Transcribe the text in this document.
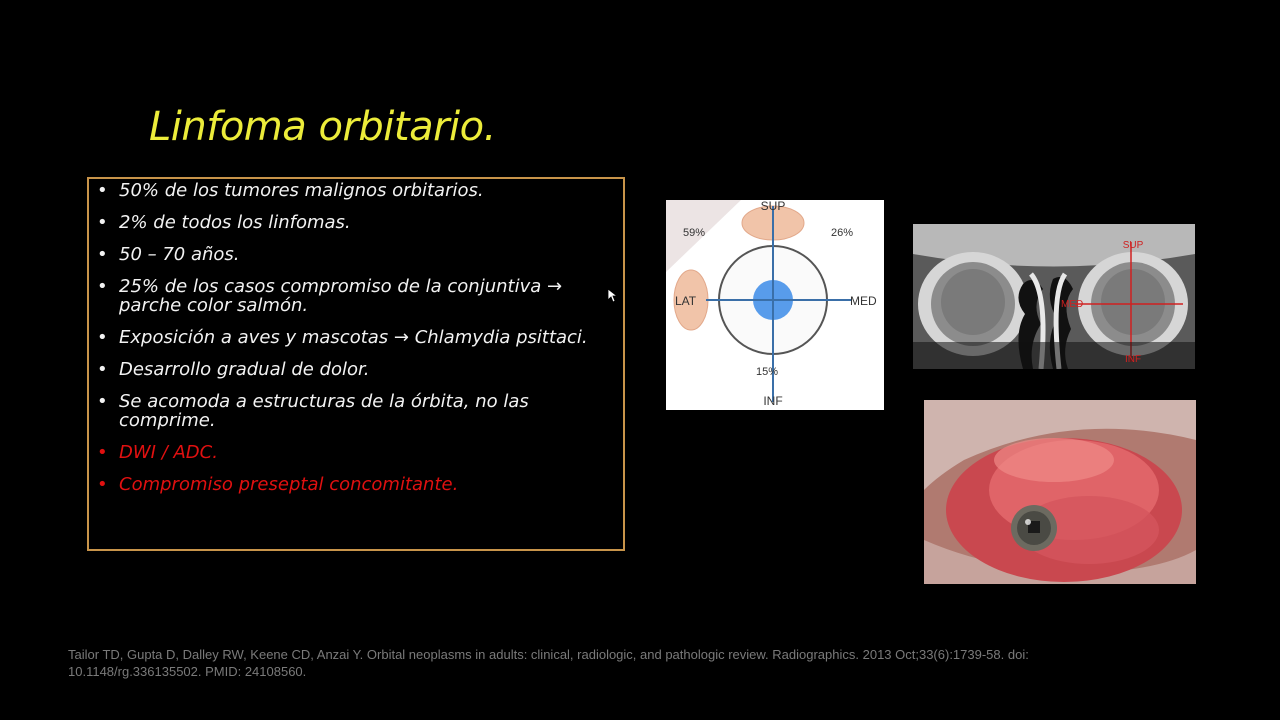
Linfoma orbitario.
• 50% de los tumores malignos orbitarios.
• 2% de todos los linfomas.
• 50 – 70 años.
• 25% de los casos compromiso de la conjuntiva → parche color salmón.
• Exposición a aves y mascotas → Chlamydia psittaci.
• Desarrollo gradual de dolor.
• Se acomoda a estructuras de la órbita, no las comprime.
• DWI / ADC.
• Compromiso preseptal concomitante.
SUP
INF
LAT	MED
59%	26%
15%
SUP
INF
MED
Tailor TD, Gupta D, Dalley RW, Keene CD, Anzai Y. Orbital neoplasms in adults: clinical, radiologic, and pathologic review. Radiographics. 2013 Oct;33(6):1739-58. doi: 10.1148/rg.336135502. PMID: 24108560.
